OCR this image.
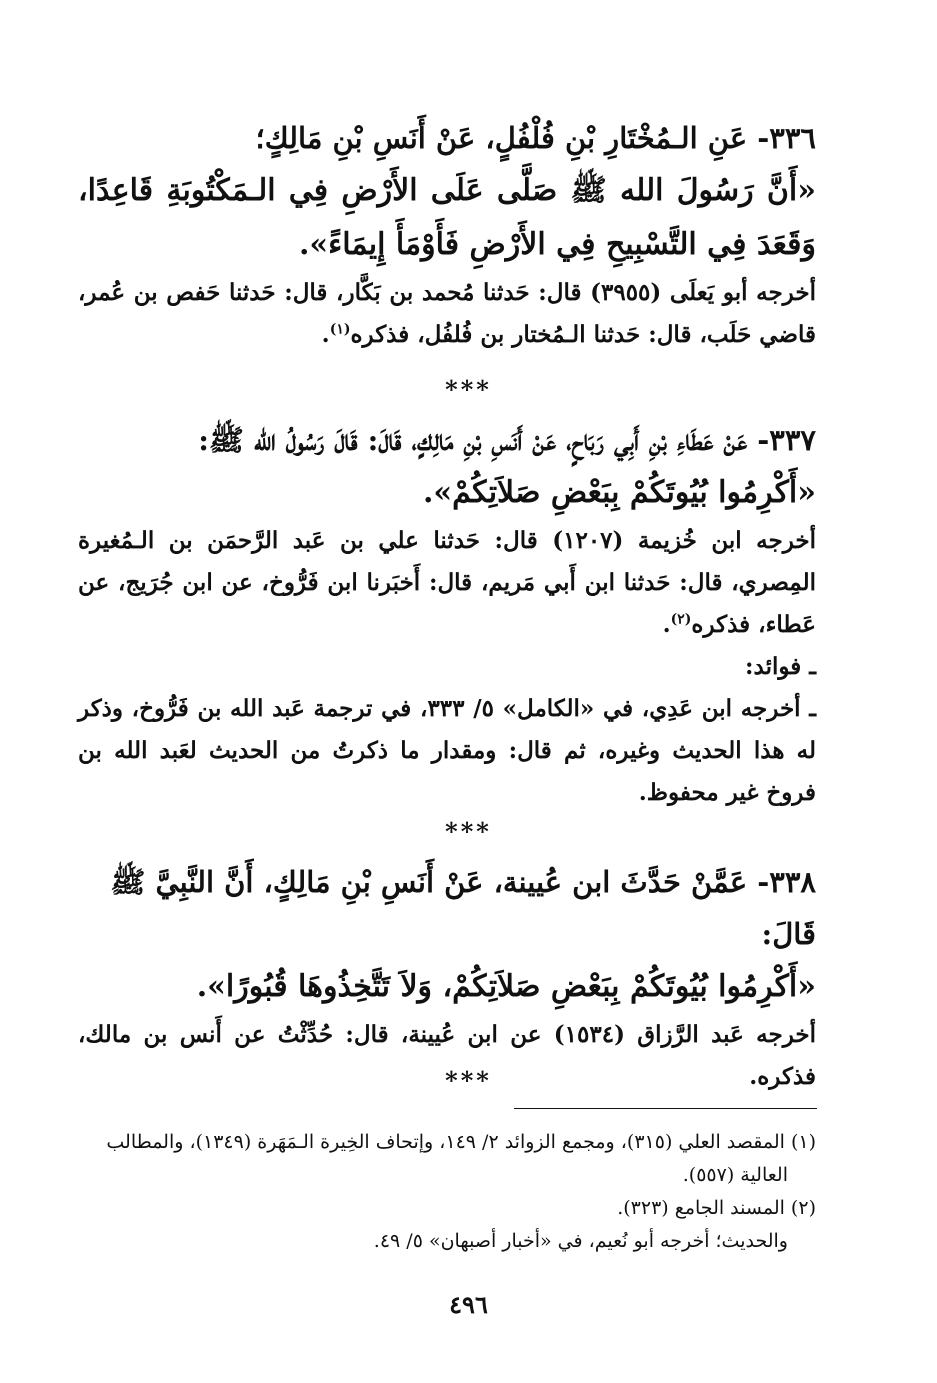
٣٣٦- عَنِ الـمُخْتَارِ بْنِ فُلْفُلٍ، عَنْ أَنَسِ بْنِ مَالِكٍ؛
«أَنَّ رَسُولَ الله ﷺ صَلَّى عَلَى الأَرْضِ فِي الـمَكْتُوبَةِ قَاعِدًا، وَقَعَدَ فِي التَّسْبِيحِ فِي الأَرْضِ فَأَوْمَأَ إِيمَاءً».
أخرجه أبو يَعلَى (٣٩٥٥) قال: حَدثنا مُحمد بن بَكَّار، قال: حَدثنا حَفص بن عُمر، قاضي حَلَب، قال: حَدثنا الـمُختار بن فُلفُل، فذكره$^{(١)}$.
***
٣٣٧- عَنْ عَطَاءِ بْنِ أَبِي رَبَاحٍ، عَنْ أَنَسِ بْنِ مَالِكٍ، قَالَ: قَالَ رَسُولُ الله ﷺ:
«أَكْرِمُوا بُيُوتَكُمْ بِبَعْضِ صَلاَتِكُمْ».
أخرجه ابن خُزيمة (١٢٠٧) قال: حَدثنا علي بن عَبد الرَّحمَن بن الـمُغيرة المِصري، قال: حَدثنا ابن أَبي مَريم، قال: أَخبَرنا ابن فَرُّوخ، عن ابن جُرَيج، عن عَطاء، فذكره$^{(٢)}$.
ـ فوائد:
ـ أخرجه ابن عَدِي، في «الكامل» ٥/ ٣٣٣، في ترجمة عَبد الله بن فَرُّوخ، وذكر له هذا الحديث وغيره، ثم قال: ومقدار ما ذكرتُ من الحديث لعَبد الله بن فروخ غير محفوظ.
***
٣٣٨- عَمَّنْ حَدَّثَ ابن عُيينة، عَنْ أَنَسِ بْنِ مَالِكٍ، أَنَّ النَّبِيَّ ﷺ قَالَ:
«أَكْرِمُوا بُيُوتَكُمْ بِبَعْضِ صَلاَتِكُمْ، وَلاَ تَتَّخِذُوهَا قُبُورًا».
أخرجه عَبد الرَّزاق (١٥٣٤) عن ابن عُيينة، قال: حُدِّثْتُ عن أَنس بن مالك، فذكره.
***
(١) المقصد العلي (٣١٥)، ومجمع الزوائد ٢/ ١٤٩، وإتحاف الخِيرة الـمَهَرة (١٣٤٩)، والمطالب
العالية (٥٥٧).
(٢) المسند الجامع (٣٢٣).
والحديث؛ أخرجه أبو نُعيم، في «أخبار أصبهان» ٥/ ٤٩.
٤٩٦
